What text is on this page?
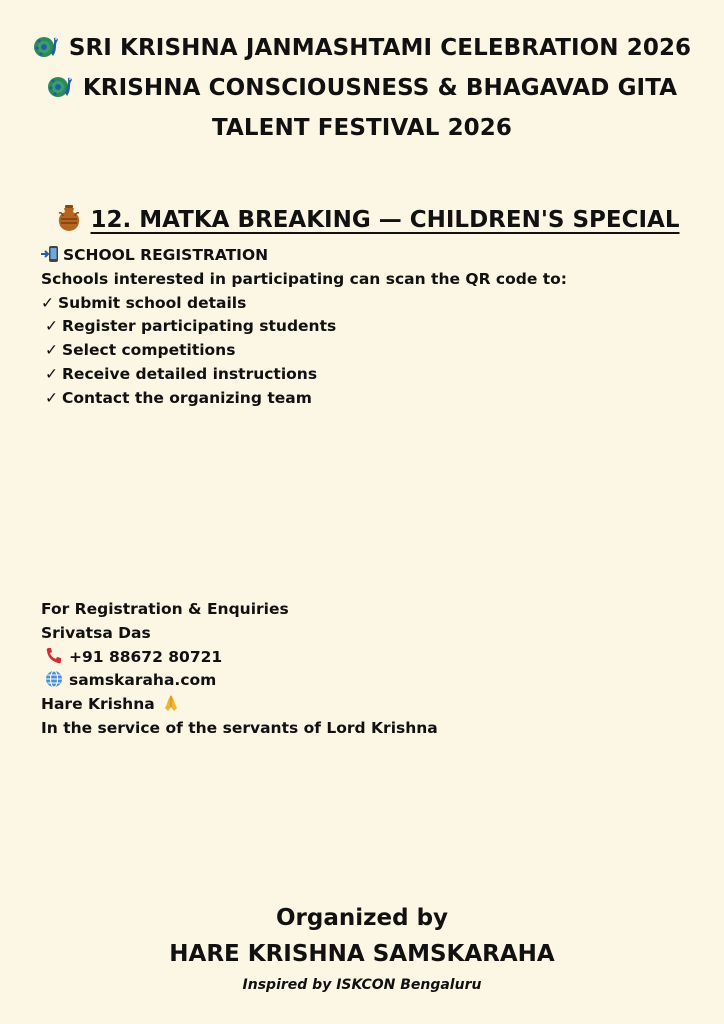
SRI KRISHNA JANMASHTAMI CELEBRATION 2026
KRISHNA CONSCIOUSNESS & BHAGAVAD GITA
TALENT FESTIVAL 2026
12. MATKA BREAKING — CHILDREN'S SPECIAL
SCHOOL REGISTRATION
Schools interested in participating can scan the QR code to:
✓ Submit school details
✓ Register participating students
✓ Select competitions
✓ Receive detailed instructions
✓ Contact the organizing team
For Registration & Enquiries
Srivatsa Das
+91 88672 80721
samskaraha.com
Hare Krishna
In the service of the servants of Lord Krishna
Organized by
HARE KRISHNA SAMSKARAHA
Inspired by ISKCON Bengaluru
